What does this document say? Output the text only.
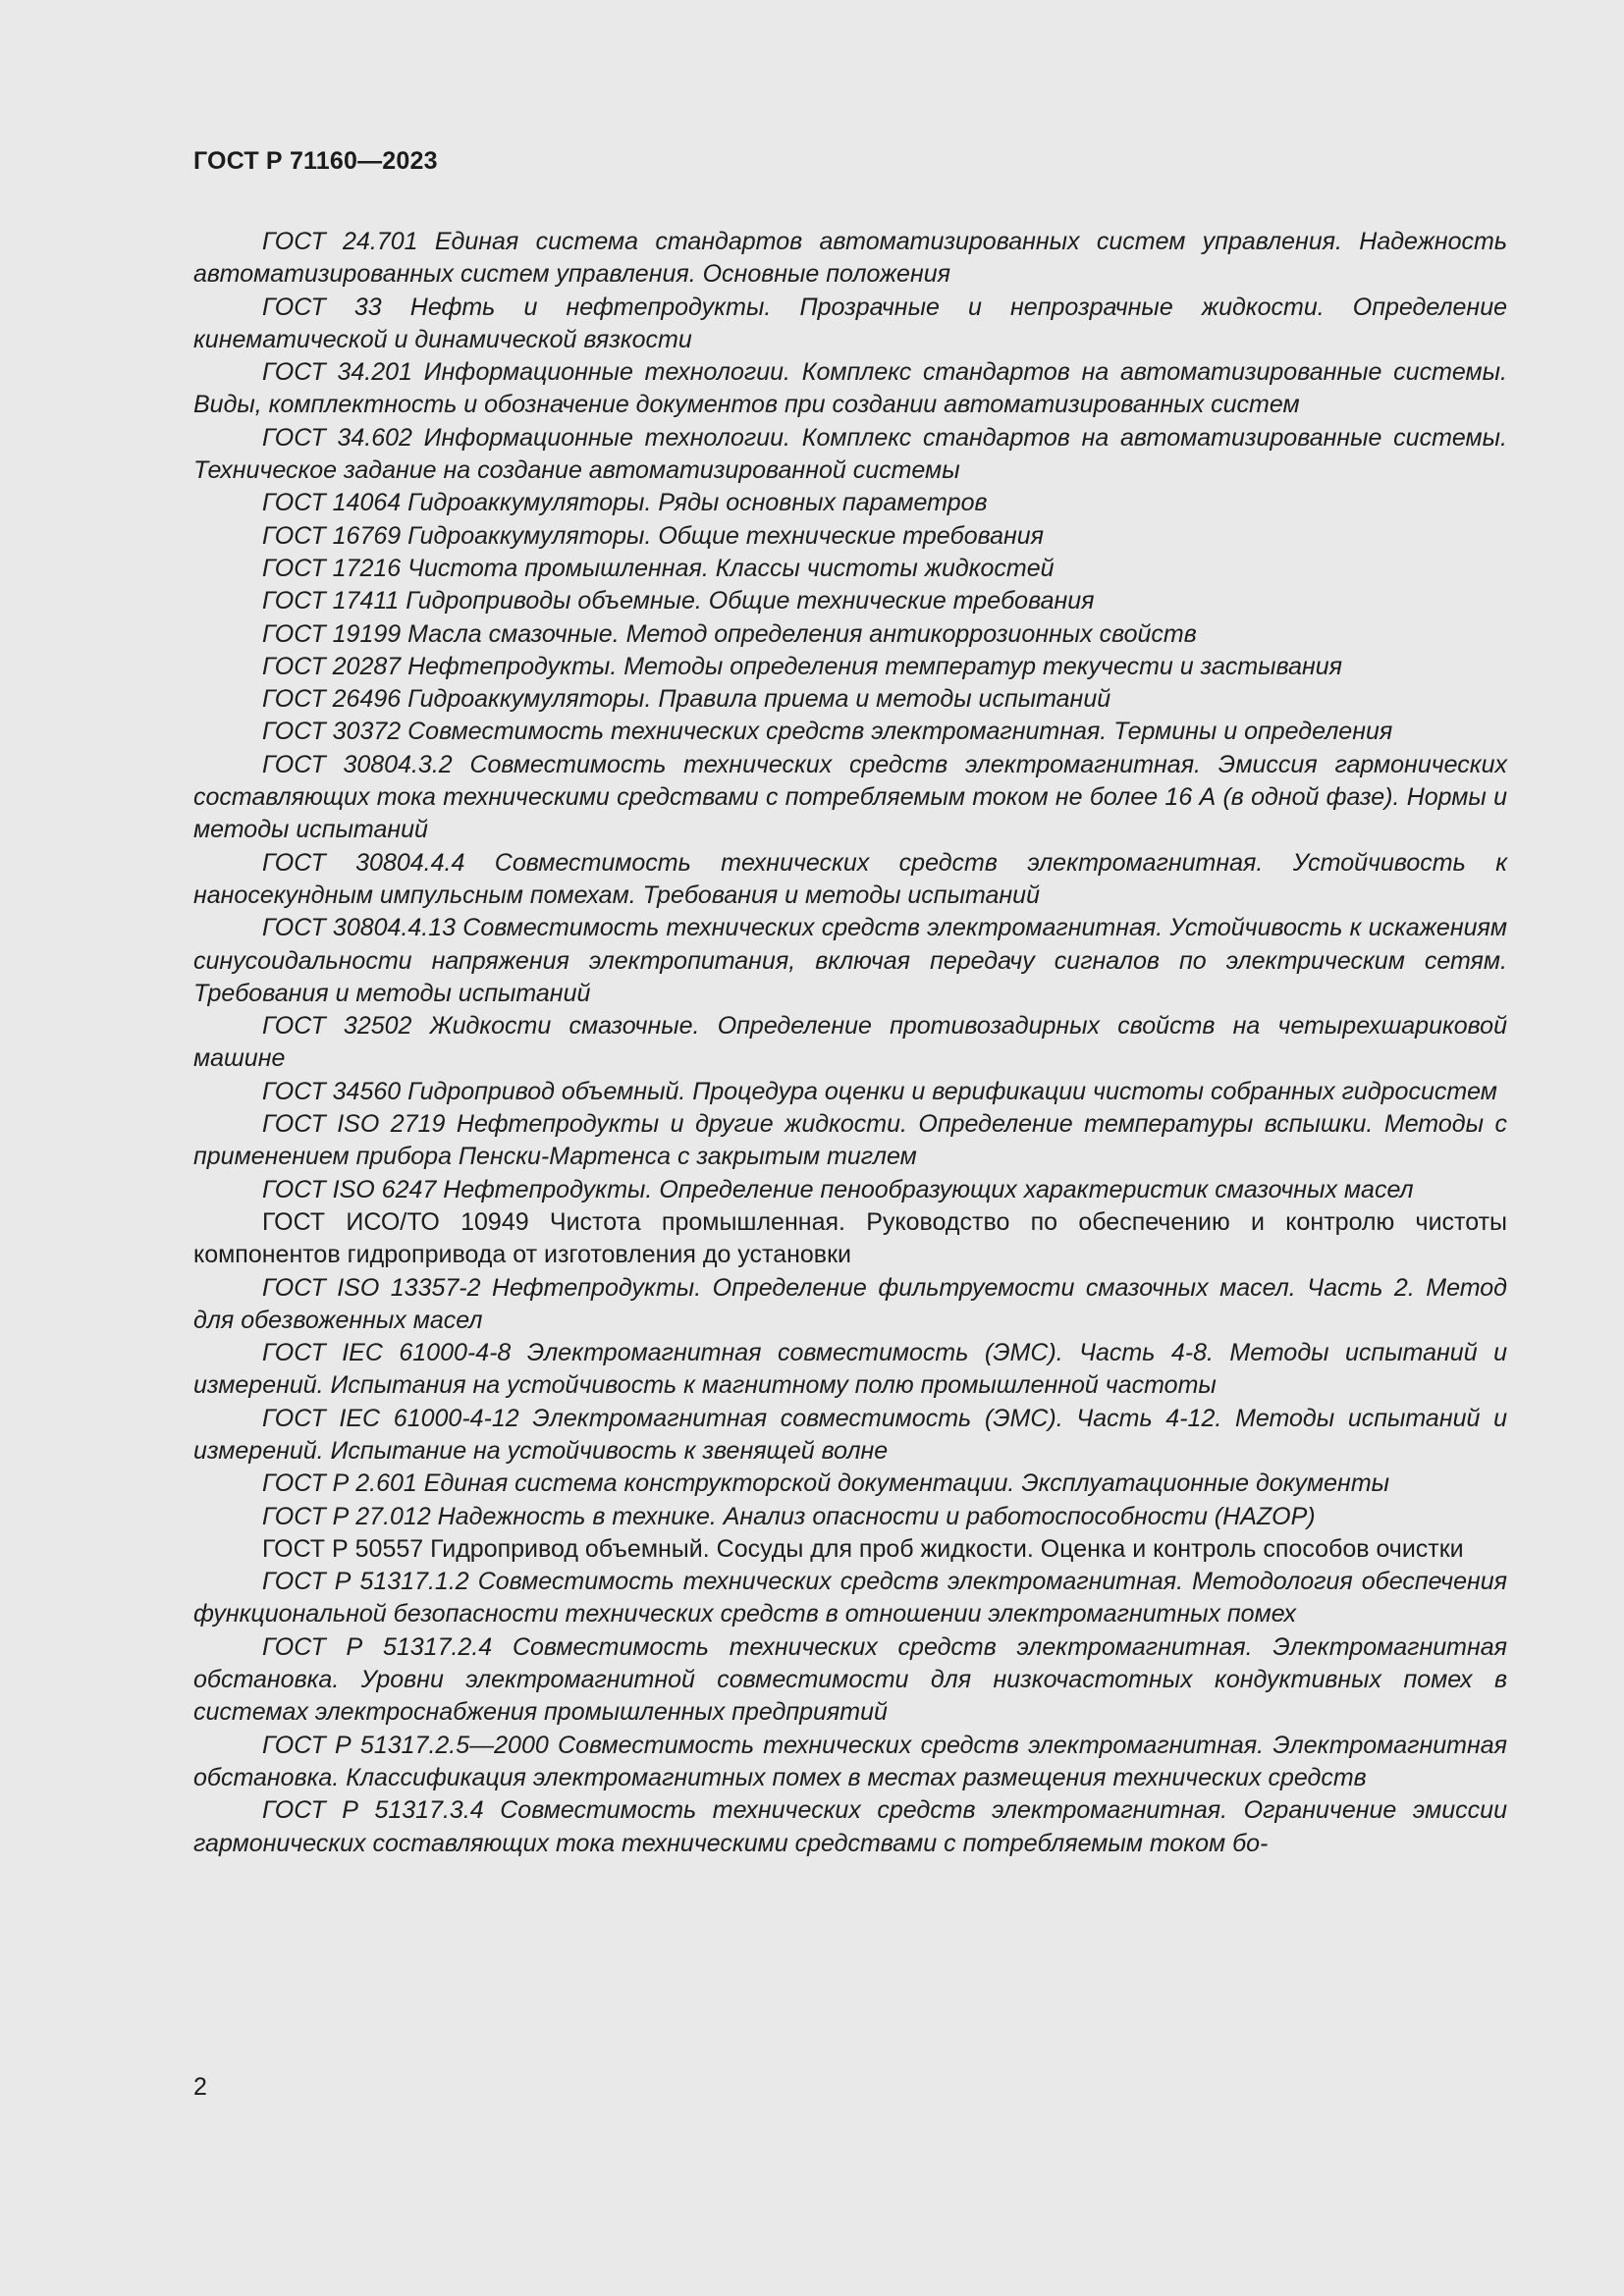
ГОСТ Р 71160—2023

ГОСТ 24.701 Единая система стандартов автоматизированных систем управления. Надежность автоматизированных систем управления. Основные положения

ГОСТ 33 Нефть и нефтепродукты. Прозрачные и непрозрачные жидкости. Определение кинематической и динамической вязкости

ГОСТ 34.201 Информационные технологии. Комплекс стандартов на автоматизированные системы. Виды, комплектность и обозначение документов при создании автоматизированных систем

ГОСТ 34.602 Информационные технологии. Комплекс стандартов на автоматизированные системы. Техническое задание на создание автоматизированной системы

ГОСТ 14064 Гидроаккумуляторы. Ряды основных параметров

ГОСТ 16769 Гидроаккумуляторы. Общие технические требования

ГОСТ 17216 Чистота промышленная. Классы чистоты жидкостей

ГОСТ 17411 Гидроприводы объемные. Общие технические требования

ГОСТ 19199 Масла смазочные. Метод определения антикоррозионных свойств

ГОСТ 20287 Нефтепродукты. Методы определения температур текучести и застывания

ГОСТ 26496 Гидроаккумуляторы. Правила приема и методы испытаний

ГОСТ 30372 Совместимость технических средств электромагнитная. Термины и определения

ГОСТ 30804.3.2 Совместимость технических средств электромагнитная. Эмиссия гармонических составляющих тока техническими средствами с потребляемым током не более 16 А (в одной фазе). Нормы и методы испытаний

ГОСТ 30804.4.4 Совместимость технических средств электромагнитная. Устойчивость к наносекундным импульсным помехам. Требования и методы испытаний

ГОСТ 30804.4.13 Совместимость технических средств электромагнитная. Устойчивость к искажениям синусоидальности напряжения электропитания, включая передачу сигналов по электрическим сетям. Требования и методы испытаний

ГОСТ 32502 Жидкости смазочные. Определение противозадирных свойств на четырехшариковой машине

ГОСТ 34560 Гидропривод объемный. Процедура оценки и верификации чистоты собранных гидросистем

ГОСТ ISO 2719 Нефтепродукты и другие жидкости. Определение температуры вспышки. Методы с применением прибора Пенски-Мартенса с закрытым тиглем

ГОСТ ISO 6247 Нефтепродукты. Определение пенообразующих характеристик смазочных масел

ГОСТ ИСО/ТО 10949 Чистота промышленная. Руководство по обеспечению и контролю чистоты компонентов гидропривода от изготовления до установки

ГОСТ ISO 13357-2 Нефтепродукты. Определение фильтруемости смазочных масел. Часть 2. Метод для обезвоженных масел

ГОСТ IEC 61000-4-8 Электромагнитная совместимость (ЭМС). Часть 4-8. Методы испытаний и измерений. Испытания на устойчивость к магнитному полю промышленной частоты

ГОСТ IEC 61000-4-12 Электромагнитная совместимость (ЭМС). Часть 4-12. Методы испытаний и измерений. Испытание на устойчивость к звенящей волне

ГОСТ Р 2.601 Единая система конструкторской документации. Эксплуатационные документы

ГОСТ Р 27.012 Надежность в технике. Анализ опасности и работоспособности (HAZOP)

ГОСТ Р 50557 Гидропривод объемный. Сосуды для проб жидкости. Оценка и контроль способов очистки

ГОСТ Р 51317.1.2 Совместимость технических средств электромагнитная. Методология обеспечения функциональной безопасности технических средств в отношении электромагнитных помех

ГОСТ Р 51317.2.4 Совместимость технических средств электромагнитная. Электромагнитная обстановка. Уровни электромагнитной совместимости для низкочастотных кондуктивных помех в системах электроснабжения промышленных предприятий

ГОСТ Р 51317.2.5—2000 Совместимость технических средств электромагнитная. Электромагнитная обстановка. Классификация электромагнитных помех в местах размещения технических средств

ГОСТ Р 51317.3.4 Совместимость технических средств электромагнитная. Ограничение эмиссии гармонических составляющих тока техническими средствами с потребляемым током бо-

2
